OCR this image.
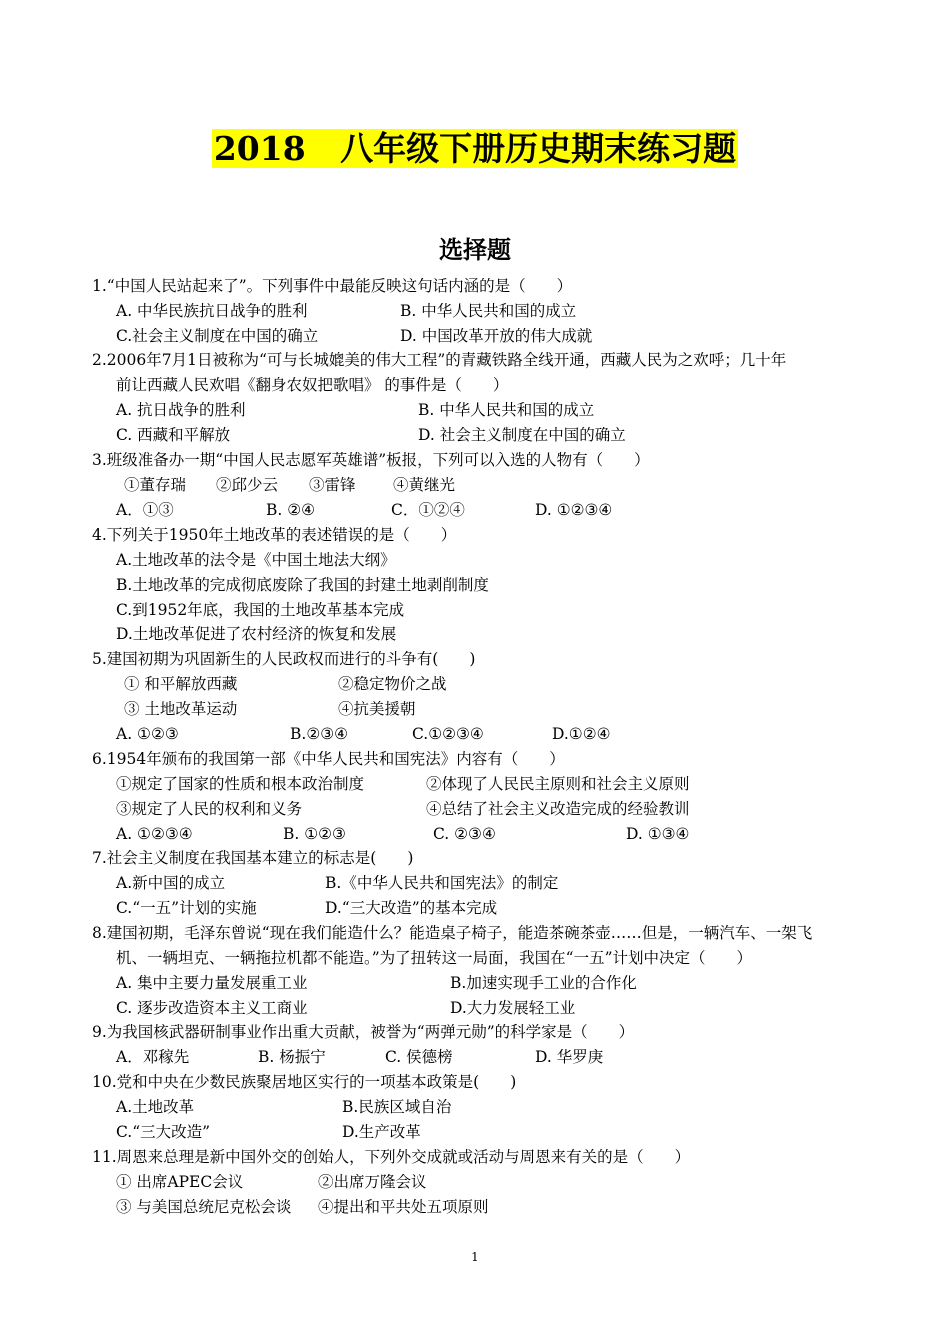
2018   八年级下册历史期末练习题
选择题
1.“中国人民站起来了”。下列事件中最能反映这句话内涵的是（　　）
A. 中华民族抗日战争的胜利	B. 中华人民共和国的成立
C.社会主义制度在中国的确立	D. 中国改革开放的伟大成就
2.2006年7月1日被称为“可与长城媲美的伟大工程”的青藏铁路全线开通，西藏人民为之欢呼；几十年
前让西藏人民欢唱《翻身农奴把歌唱》 的事件是（　　）
A. 抗日战争的胜利	B. 中华人民共和国的成立
C. 西藏和平解放	D. 社会主义制度在中国的确立
3.班级准备办一期“中国人民志愿军英雄谱”板报，下列可以入选的人物有（　　）
①董存瑞 ②邱少云 ③雷锋 ④黄继光
A．①③	B. ②④	C．①②④	D. ①②③④
4.下列关于1950年土地改革的表述错误的是（　　）
A.土地改革的法令是《中国土地法大纲》
B.土地改革的完成彻底废除了我国的封建土地剥削制度
C.到1952年底，我国的土地改革基本完成
D.土地改革促进了农村经济的恢复和发展
5.建国初期为巩固新生的人民政权而进行的斗争有(　　)
① 和平解放西藏	②稳定物价之战
③ 土地改革运动	④抗美援朝
A. ①②③	B.②③④	C.①②③④	D.①②④
6.1954年颁布的我国第一部《中华人民共和国宪法》内容有（　　）
①规定了国家的性质和根本政治制度	②体现了人民民主原则和社会主义原则
③规定了人民的权利和义务	④总结了社会主义改造完成的经验教训
A. ①②③④	B. ①②③	C. ②③④	D. ①③④
7.社会主义制度在我国基本建立的标志是(　　)
A.新中国的成立	B.《中华人民共和国宪法》的制定
C.“一五”计划的实施	D.“三大改造”的基本完成
8.建国初期，毛泽东曾说“现在我们能造什么？能造桌子椅子，能造茶碗茶壶……但是，一辆汽车、一架飞
机、一辆坦克、一辆拖拉机都不能造。”为了扭转这一局面，我国在“一五”计划中决定（　　）
A. 集中主要力量发展重工业	B.加速实现手工业的合作化
C. 逐步改造资本主义工商业	D.大力发展轻工业
9.为我国核武器研制事业作出重大贡献，被誉为“两弹元勋”的科学家是（　　）
A．邓稼先	B. 杨振宁	C. 侯德榜	D. 华罗庚
10.党和中央在少数民族聚居地区实行的一项基本政策是(　　)
A.土地改革	B.民族区域自治
C.“三大改造”	D.生产改革
11.周恩来总理是新中国外交的创始人，下列外交成就或活动与周恩来有关的是（　　）
① 出席APEC会议	②出席万隆会议
③ 与美国总统尼克松会谈 ④提出和平共处五项原则
1
